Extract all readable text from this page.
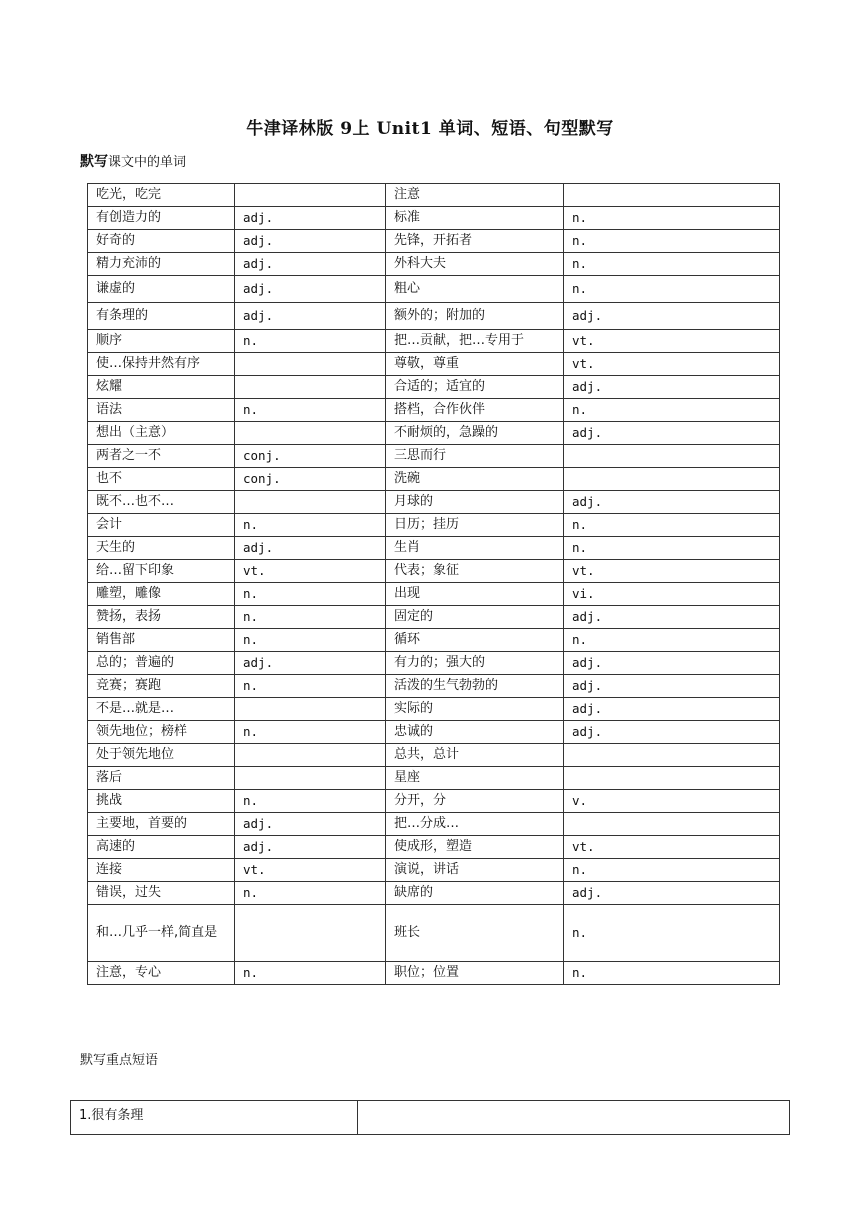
牛津译林版 9上 Unit1 单词、短语、句型默写
默写课文中的单词
吃光，吃完		注意	
有创造力的	adj.	标准	n.
好奇的	adj.	先锋，开拓者	n.
精力充沛的	adj.	外科大夫	n.
谦虚的	adj.	粗心	n.
有条理的	adj.	额外的；附加的	adj.
顺序	n.	把…贡献，把…专用于	vt.
使…保持井然有序		尊敬，尊重	vt.
炫耀		合适的；适宜的	adj.
语法	n.	搭档，合作伙伴	n.
想出（主意）		不耐烦的，急躁的	adj.
两者之一不	conj.	三思而行	
也不	conj.	洗碗	
既不…也不…		月球的	adj.
会计	n.	日历；挂历	n.
天生的	adj.	生肖	n.
给…留下印象	vt.	代表；象征	vt.
雕塑，雕像	n.	出现	vi.
赞扬，表扬	n.	固定的	adj.
销售部	n.	循环	n.
总的；普遍的	adj.	有力的；强大的	adj.
竞赛；赛跑	n.	活泼的生气勃勃的	adj.
不是…就是…		实际的	adj.
领先地位；榜样	n.	忠诚的	adj.
处于领先地位		总共，总计	
落后		星座	
挑战	n.	分开，分	v.
主要地，首要的	adj.	把…分成…	
高速的	adj.	使成形，塑造	vt.
连接	vt.	演说，讲话	n.
错误，过失	n.	缺席的	adj.
和…几乎一样,简直是		班长	n.
注意，专心	n.	职位；位置	n.
默写重点短语
1.很有条理	
